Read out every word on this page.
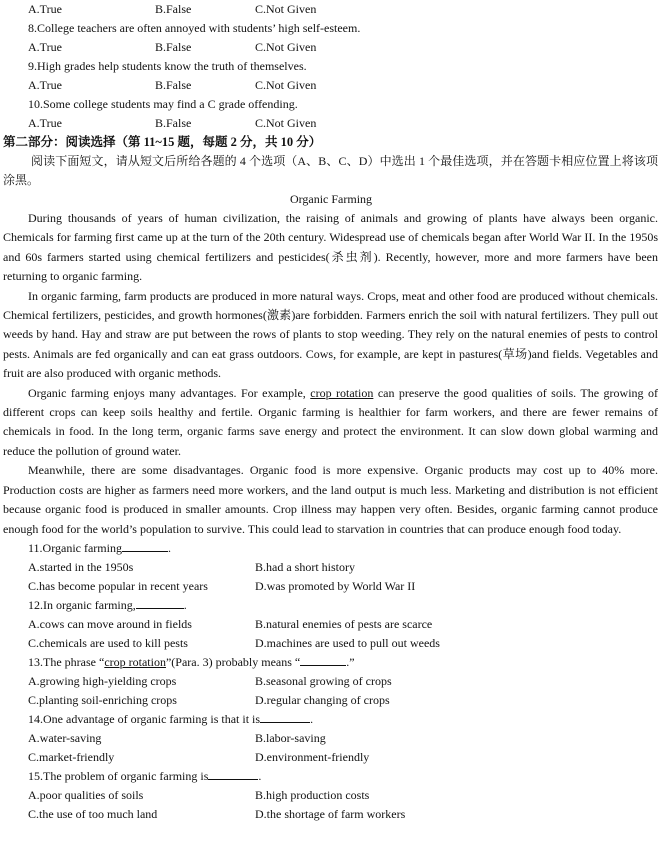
A.True	B.False	C.Not Given
8.College teachers are often annoyed with students’ high self-esteem.
A.True	B.False	C.Not Given
9.High grades help students know the truth of themselves.
A.True	B.False	C.Not Given
10.Some college students may find a C grade offending.
A.True	B.False	C.Not Given
第二部分：阅读选择（第 11~15 题，每题 2 分，共 10 分）
阅读下面短文，请从短文后所给各题的 4 个选项（A、B、C、D）中选出 1 个最佳选项，并在答题卡相应位置上将该项涂黑。
Organic Farming
During thousands of years of human civilization, the raising of animals and growing of plants have always been organic. Chemicals for farming first came up at the turn of the 20th century. Widespread use of chemicals began after World War II. In the 1950s and 60s farmers started using chemical fertilizers and pesticides(杀虫剂). Recently, however, more and more farmers have been returning to organic farming.
In organic farming, farm products are produced in more natural ways. Crops, meat and other food are produced without chemicals. Chemical fertilizers, pesticides, and growth hormones(激素)are forbidden. Farmers enrich the soil with natural fertilizers. They pull out weeds by hand. Hay and straw are put between the rows of plants to stop weeding. They rely on the natural enemies of pests to control pests. Animals are fed organically and can eat grass outdoors. Cows, for example, are kept in pastures(草场)and fields. Vegetables and fruit are also produced with organic methods.
Organic farming enjoys many advantages. For example, crop rotation can preserve the good qualities of soils. The growing of different crops can keep soils healthy and fertile. Organic farming is healthier for farm workers, and there are fewer remains of chemicals in food. In the long term, organic farms save energy and protect the environment. It can slow down global warming and reduce the pollution of ground water.
Meanwhile, there are some disadvantages. Organic food is more expensive. Organic products may cost up to 40% more. Production costs are higher as farmers need more workers, and the land output is much less. Marketing and distribution is not efficient because organic food is produced in smaller amounts. Crop illness may happen very often. Besides, organic farming cannot produce enough food for the world’s population to survive. This could lead to starvation in countries that can produce enough food today.
11.Organic farming	.
A.started in the 1950s	B.had a short history
C.has become popular in recent years	D.was promoted by World War II
12.In organic farming,	.
A.cows can move around in fields	B.natural enemies of pests are scarce
C.chemicals are used to kill pests	D.machines are used to pull out weeds
13.The phrase “crop rotation”(Para. 3) probably means “	.”
A.growing high-yielding crops	B.seasonal growing of crops
C.planting soil-enriching crops	D.regular changing of crops
14.One advantage of organic farming is that it is	.
A.water-saving	B.labor-saving
C.market-friendly	D.environment-friendly
15.The problem of organic farming is	.
A.poor qualities of soils	B.high production costs
C.the use of too much land	D.the shortage of farm workers
